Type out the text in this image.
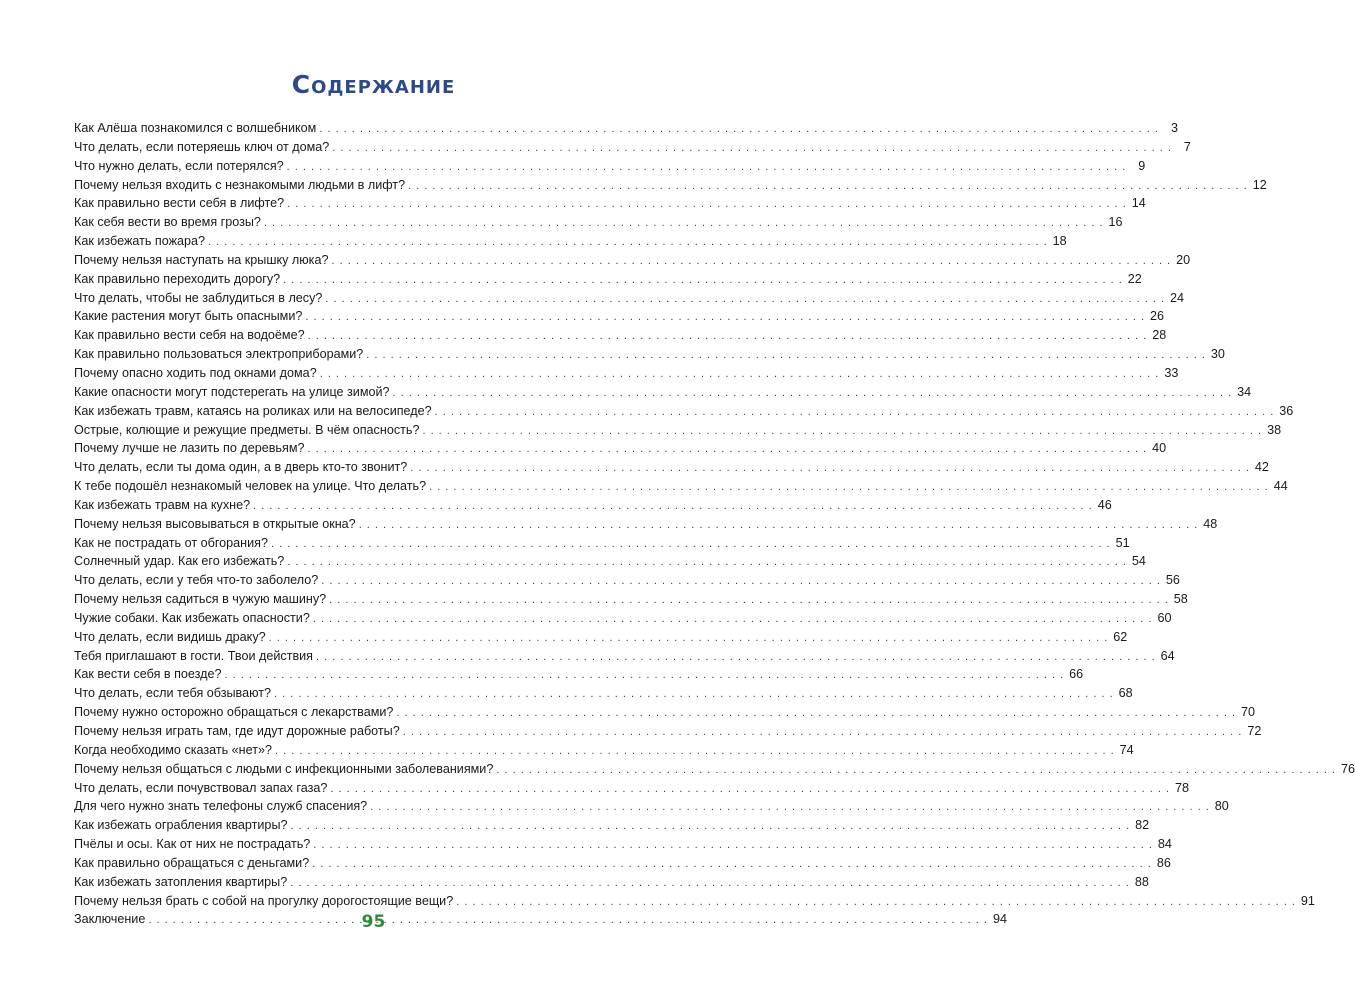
Содержание
Как Алёша познакомился с волшебником . . .	3
Что делать, если потеряешь ключ от дома? . . .	7
Что нужно делать, если потерялся? . . .	9
Почему нельзя входить с незнакомыми людьми в лифт? . . .	12
Как правильно вести себя в лифте? . . .	14
Как себя вести во время грозы? . . .	16
Как избежать пожара? . . .	18
Почему нельзя наступать на крышку люка? . . .	20
Как правильно переходить дорогу? . . .	22
Что делать, чтобы не заблудиться в лесу? . . .	24
Какие растения могут быть опасными? . . .	26
Как правильно вести себя на водоёме? . . .	28
Как правильно пользоваться электроприборами? . . .	30
Почему опасно ходить под окнами дома? . . .	33
Какие опасности могут подстерегать на улице зимой? . . .	34
Как избежать травм, катаясь на роликах или на велосипеде? . . .	36
Острые, колющие и режущие предметы. В чём опасность? . . .	38
Почему лучше не лазить по деревьям? . . .	40
Что делать, если ты дома один, а в дверь кто-то звонит? . . .	42
К тебе подошёл незнакомый человек на улице. Что делать? . . .	44
Как избежать травм на кухне? . . .	46
Почему нельзя высовываться в открытые окна? . . .	48
Как не пострадать от обгорания? . . .	51
Солнечный удар. Как его избежать? . . .	54
Что делать, если у тебя что-то заболело? . . .	56
Почему нельзя садиться в чужую машину? . . .	58
Чужие собаки. Как избежать опасности? . . .	60
Что делать, если видишь драку? . . .	62
Тебя приглашают в гости. Твои действия . . .	64
Как вести себя в поезде? . . .	66
Что делать, если тебя обзывают? . . .	68
Почему нужно осторожно обращаться с лекарствами? . . .	70
Почему нельзя играть там, где идут дорожные работы? . . .	72
Когда необходимо сказать «нет»? . . .	74
Почему нельзя общаться с людьми с инфекционными заболеваниями? . . .	76
Что делать, если почувствовал запах газа? . . .	78
Для чего нужно знать телефоны служб спасения? . . .	80
Как избежать ограбления квартиры? . . .	82
Пчёлы и осы. Как от них не пострадать? . . .	84
Как правильно обращаться с деньгами? . . .	86
Как избежать затопления квартиры? . . .	88
Почему нельзя брать с собой на прогулку дорогостоящие вещи? . . .	91
Заключение . . .	94
95
